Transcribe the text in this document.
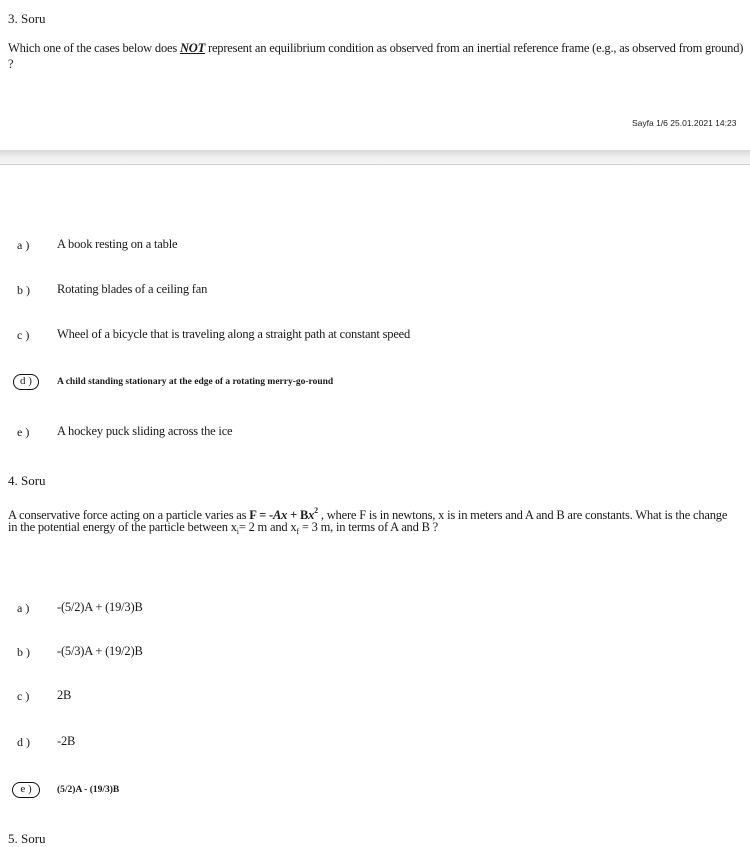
3. Soru
Which one of the cases below does NOT represent an equilibrium condition as observed from an inertial reference frame (e.g., as observed from ground)
?
Sayfa 1/6 25.01.2021 14:23
a ) A book resting on a table
b ) Rotating blades of a ceiling fan
c ) Wheel of a bicycle that is traveling along a straight path at constant speed
d )	A child standing stationary at the edge of a rotating merry-go-round
e ) A hockey puck sliding across the ice
4. Soru
A conservative force acting on a particle varies as $F = -Ax + Bx^2$ , where F is in newtons, x is in meters and A and B are constants. What is the change
in the potential energy of the particle between $x_i= 2$ m and $x_f = 3$ m, in terms of A and B ?
a ) -(5/2)A + (19/3)B
b ) -(5/3)A + (19/2)B
c ) 2B
d ) -2B
e )	(5/2)A - (19/3)B
5. Soru
